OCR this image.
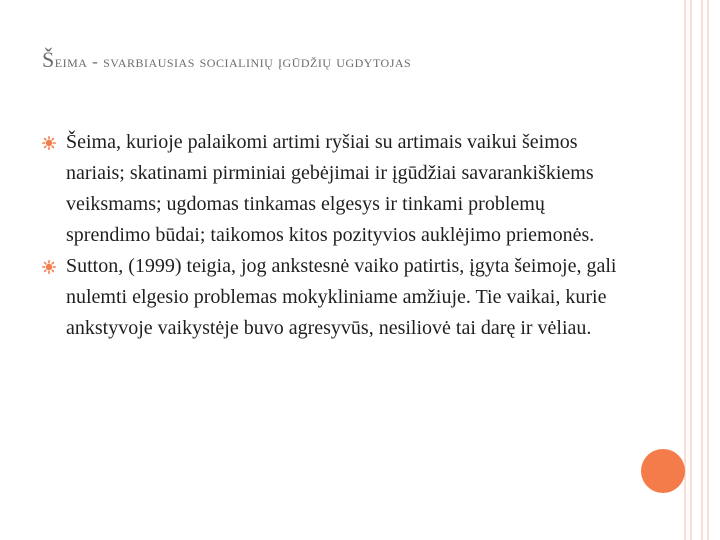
Šeima - svarbiausias socialinių įgūdžių ugdytojas
Šeima, kurioje palaikomi artimi ryšiai su artimais vaikui šeimos nariais; skatinami pirminiai gebėjimai ir įgūdžiai savarankiškiems veiksmams; ugdomas tinkamas elgesys ir tinkami problemų sprendimo būdai; taikomos kitos pozityvios auklėjimo priemonės.
Sutton, (1999) teigia, jog ankstesnė vaiko patirtis, įgyta šeimoje, gali nulemti elgesio problemas mokykliniame amžiuje. Tie vaikai, kurie ankstyvoje vaikystėje buvo agresyvūs, nesiliovė tai darę ir vėliau.
